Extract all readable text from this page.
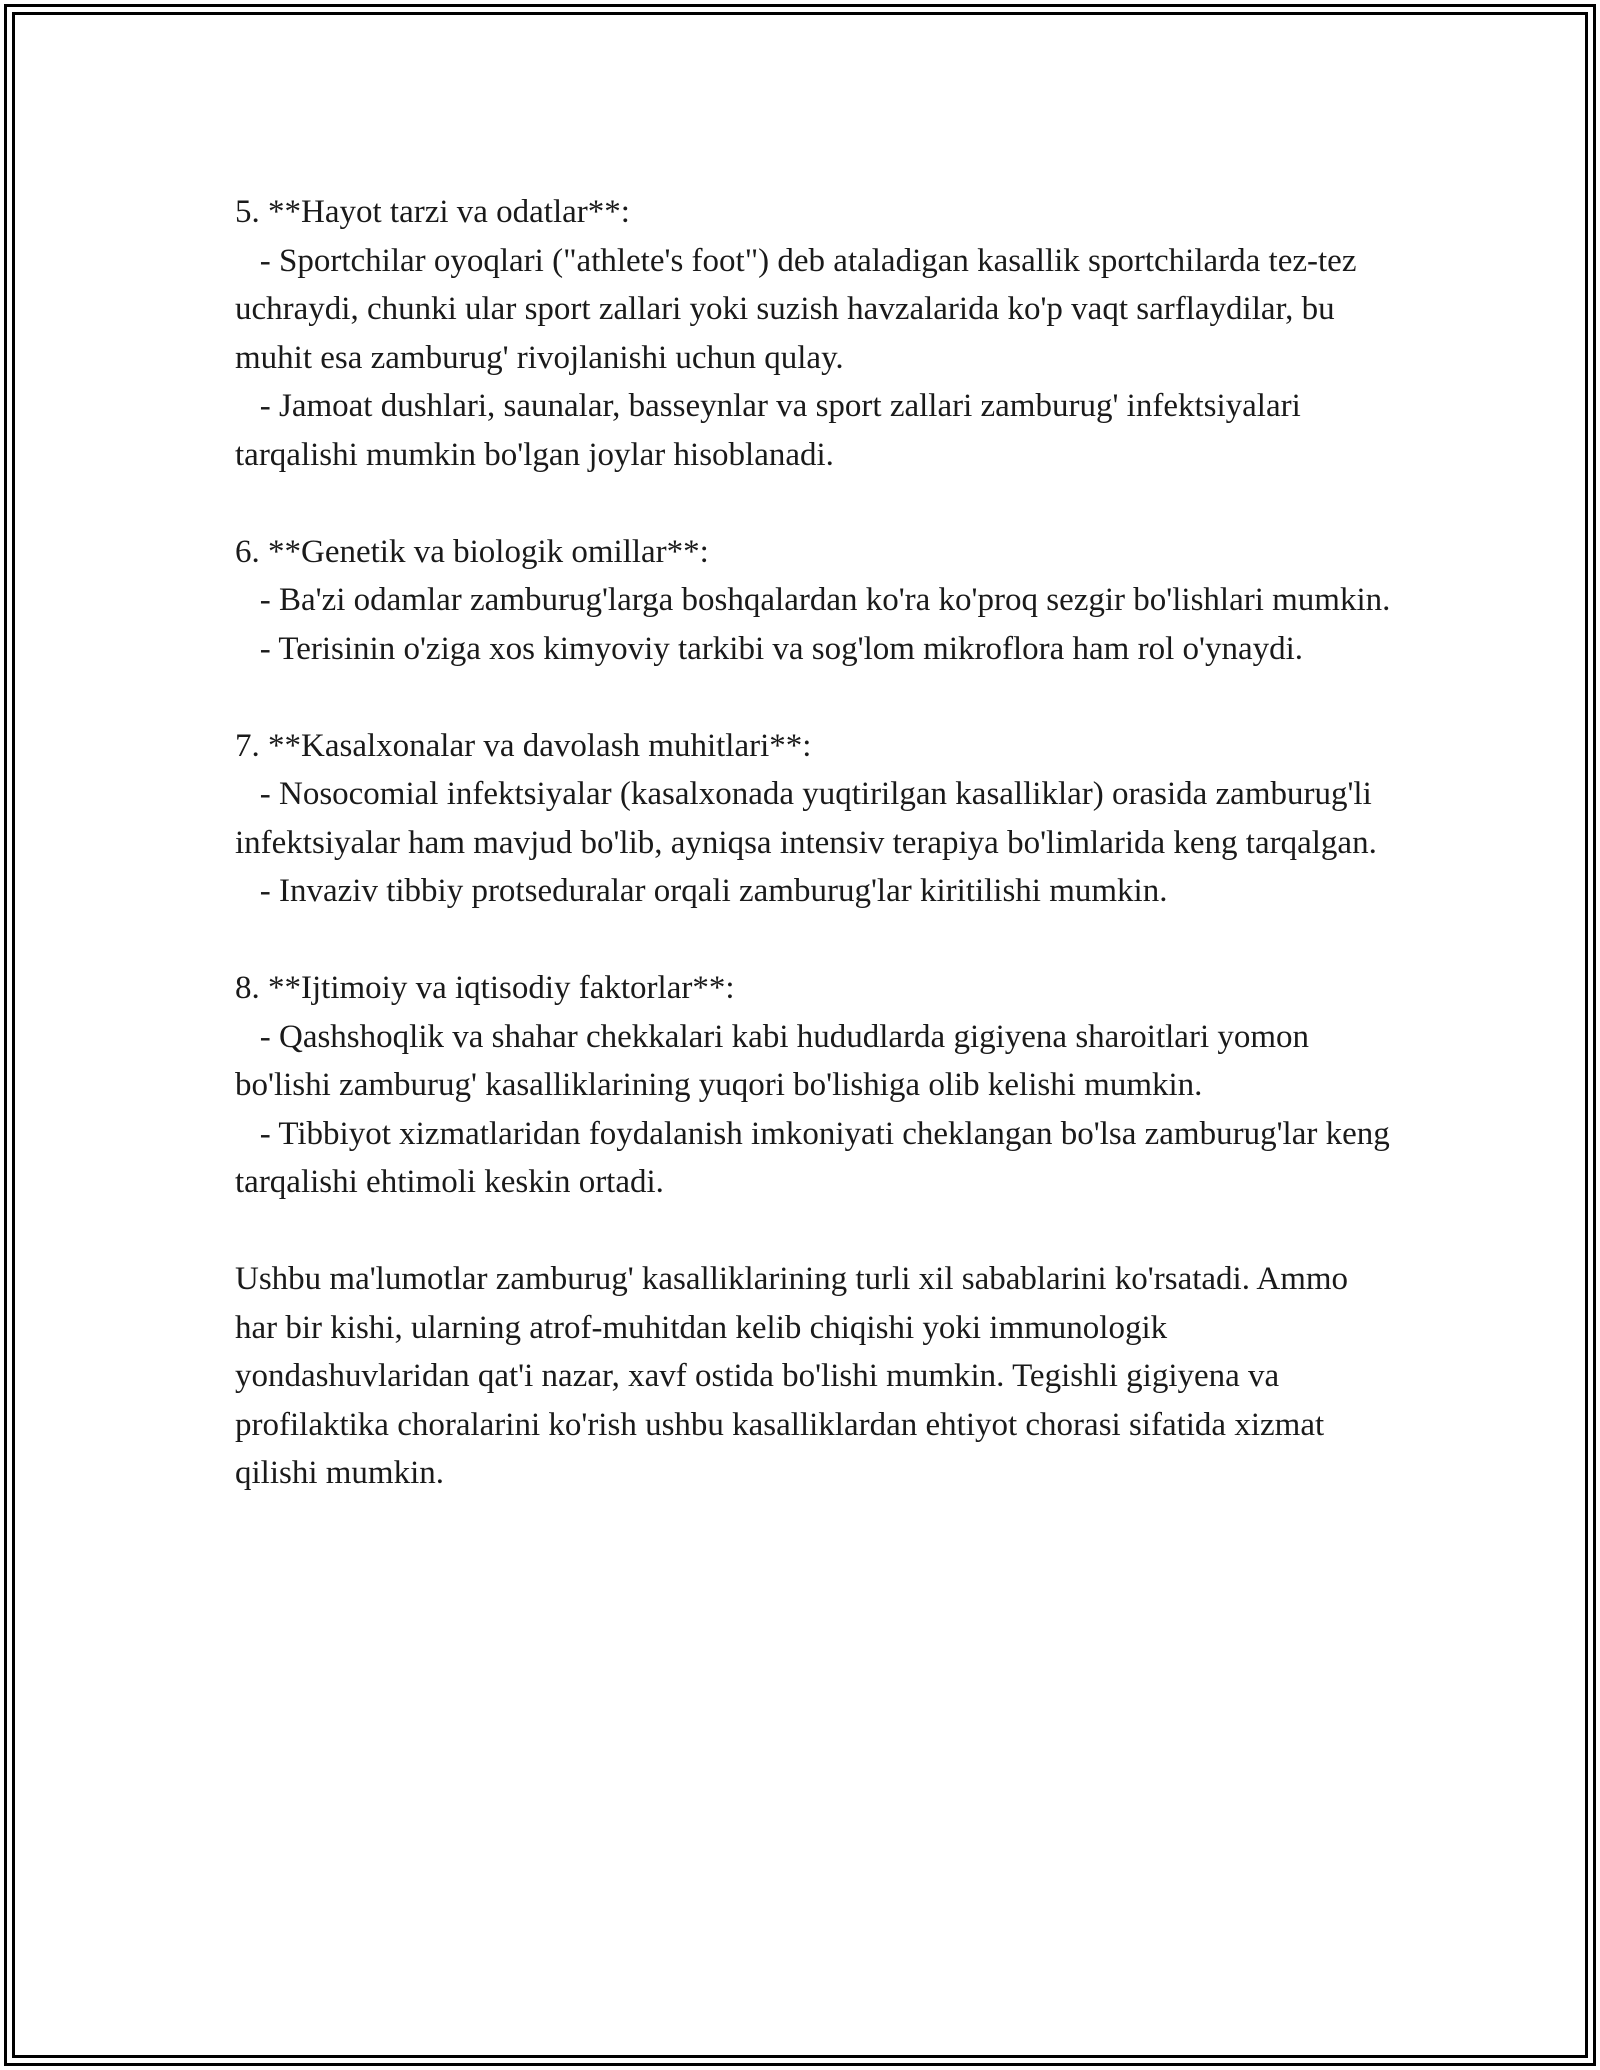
5. **Hayot tarzi va odatlar**:

- Sportchilar oyoqlari ("athlete's foot") deb ataladigan kasallik sportchilarda tez-tez uchraydi, chunki ular sport zallari yoki suzish havzalarida ko'p vaqt sarflaydilar, bu muhit esa zamburug' rivojlanishi uchun qulay.

- Jamoat dushlari, saunalar, basseynlar va sport zallari zamburug' infektsiyalari tarqalishi mumkin bo'lgan joylar hisoblanadi.

6. **Genetik va biologik omillar**:

- Ba'zi odamlar zamburug'larga boshqalardan ko'ra ko'proq sezgir bo'lishlari mumkin.

- Terisinin o'ziga xos kimyoviy tarkibi va sog'lom mikroflora ham rol o'ynaydi.

7. **Kasalxonalar va davolash muhitlari**:

- Nosocomial infektsiyalar (kasalxonada yuqtirilgan kasalliklar) orasida zamburug'li infektsiyalar ham mavjud bo'lib, ayniqsa intensiv terapiya bo'limlarida keng tarqalgan.

- Invaziv tibbiy protseduralar orqali zamburug'lar kiritilishi mumkin.

8. **Ijtimoiy va iqtisodiy faktorlar**:

- Qashshoqlik va shahar chekkalari kabi hududlarda gigiyena sharoitlari yomon bo'lishi zamburug' kasalliklarining yuqori bo'lishiga olib kelishi mumkin.

- Tibbiyot xizmatlaridan foydalanish imkoniyati cheklangan bo'lsa zamburug'lar keng tarqalishi ehtimoli keskin ortadi.

Ushbu ma'lumotlar zamburug' kasalliklarining turli xil sabablarini ko'rsatadi. Ammo har bir kishi, ularning atrof-muhitdan kelib chiqishi yoki immunologik yondashuvlaridan qat'i nazar, xavf ostida bo'lishi mumkin. Tegishli gigiyena va profilaktika choralarini ko'rish ushbu kasalliklardan ehtiyot chorasi sifatida xizmat qilishi mumkin.
